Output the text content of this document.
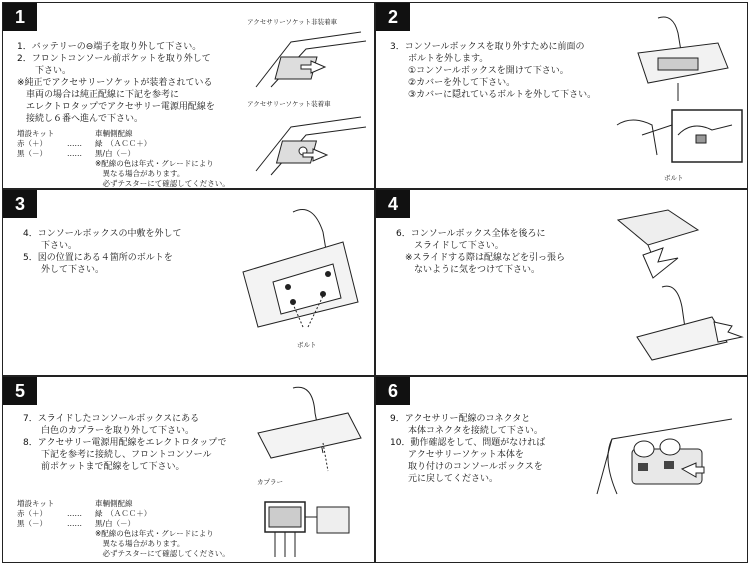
1
1．バッテリーの⊖端子を取り外して下さい。
2．フロントコンソール前ポケットを取り外して
　　下さい。
※純正でアクセサリーソケットが装着されている
　車両の場合は純正配線に下記を参考に
　エレクトロタップでアクセサリー電源用配線を
　接続し６番へ進んで下さい。
増設キット	車輌側配線
赤（＋）	…… 緑　（ＡＣＣ＋）
黒（－）	…… 黒/白（－）
※配線の色は年式・グレードにより
　異なる場合があります。
　必ずテスターにて確認してください。
アクセサリーソケット非装着車
アクセサリーソケット装着車
2
3．コンソールボックスを取り外すために前面の
　　ボルトを外します。
　　①コンソールボックスを開けて下さい。
　　②カバーを外して下さい。
　　③カバーに隠れているボルトを外して下さい。
ボルト
3
4．コンソールボックスの中敷を外して
　　下さい。
5．図の位置にある４箇所のボルトを
　　外して下さい。
ボルト
4
6．コンソールボックス全体を後ろに
　　スライドして下さい。
　※スライドする際は配線などを引っ張ら
　　ないように気をつけて下さい。
5
7．スライドしたコンソールボックスにある
　　白色のカプラーを取り外して下さい。
8．アクセサリー電源用配線をエレクトロタップで
　　下記を参考に接続し、フロントコンソール
　　前ポケットまで配線をして下さい。
増設キット	車輌側配線
赤（＋）	…… 緑　（ＡＣＣ＋）
黒（－）	…… 黒/白（－）
※配線の色は年式・グレードにより
　異なる場合があります。
　必ずテスターにて確認してください。
カプラー
6
9．アクセサリー配線のコネクタと
　　本体コネクタを接続して下さい。
10．動作確認をして、問題がなければ
　　アクセサリーソケット本体を
　　取り付けのコンソールボックスを
　　元に戻してください。
